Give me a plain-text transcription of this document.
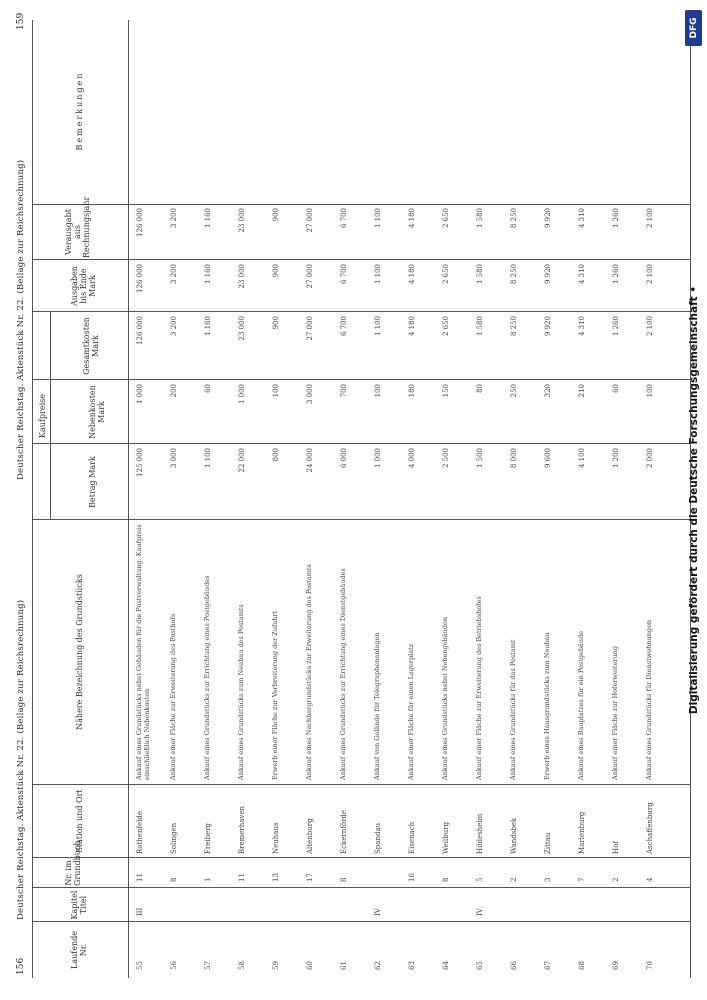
156
Deutscher Reichstag. Aktenstück Nr. 22. (Beilage zur Reichsrechnung)
Deutscher Reichstag. Aktenstück Nr. 22. (Beilage zur Reichsrechnung)
159
Laufende Nr.
Kapitel Titel
Nr. im Grundbuch
Station und Ort
Nähere Bezeichnung des Grundstücks
Kaufpreise
Betrag Mark
Nebenkosten Mark
Gesamtkosten Mark
Ausgaben bis Ende Mark
Verausgabt aus Rechnungsjahr
Bemerkungen
55
III
11
Rothenfelde
Ankauf eines Grundstücks nebst Gebäuden für die Postverwaltung. Kaufpreis einschließlich Nebenkosten
125 000
1 000
126 000
126 000
126 000
56
8
Solingen
Ankauf einer Fläche zur Erweiterung des Posthofs
3 000
200
3 200
3 200
3 200
57
1
Freiberg
Ankauf eines Grundstücks zur Errichtung eines Postgebäudes
1 100
60
1 160
1 160
1 160
58
11
Bremerhaven
Ankauf eines Grundstücks zum Neubau des Postamts
22 000
1 000
23 000
23 000
23 000
59
13
Neuhaus
Erwerb einer Fläche zur Verbreiterung der Zufahrt
800
100
900
900
900
60
17
Altenburg
Ankauf eines Nachbargrundstücks zur Erweiterung des Postamts
24 000
3 000
27 000
27 000
27 000
61
8
Eckernförde
Ankauf eines Grundstücks zur Errichtung eines Dienstgebäudes
6 000
700
6 700
6 700
6 700
62
IV
Spandau
Ankauf von Gelände für Telegraphenanlagen
1 000
100
1 100
1 100
1 100
63
16
Eisenach
Ankauf einer Fläche für einen Lagerplatz
4 000
180
4 180
4 180
4 180
64
8
Weilburg
Ankauf eines Grundstücks nebst Nebengebäuden
2 500
150
2 650
2 650
2 650
65
IV
5
Hildesheim
Ankauf einer Fläche zur Erweiterung des Betriebshofes
1 500
80
1 580
1 580
1 580
66
2
Wandsbek
Ankauf eines Grundstücks für das Postamt
8 000
250
8 250
8 250
8 250
67
3
Zittau
Erwerb eines Hausgrundstücks zum Neubau
9 600
320
9 920
9 920
9 920
68
7
Marienburg
Ankauf eines Bauplatzes für ein Postgebäude
4 100
210
4 310
4 310
4 310
69
2
Hof
Ankauf einer Fläche zur Hoferweiterung
1 200
60
1 260
1 260
1 260
70
4
Aschaffenburg
Ankauf eines Grundstücks für Dienstwohnungen
2 000
100
2 100
2 100
2 100
DFG
Digitalisierung gefördert durch die Deutsche Forschungsgemeinschaft •
